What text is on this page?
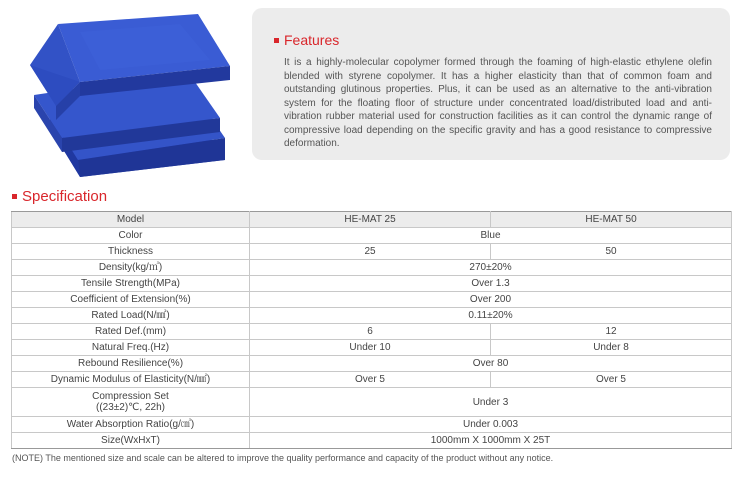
Features
It is a highly-molecular copolymer formed through the foaming of high-elastic ethylene olefin blended with styrene copolymer. It has a higher elasticity than that of common foam and outstanding glutinous properties. Plus, it can be used as an alternative to the anti-vibration system for the floating floor of structure under concentrated load/distributed load and anti-vibration rubber material used for construction facilities as it can control the dynamic range of compressive load depending on the specific gravity and has a good resistance to compressive deformation.
Specification
Model	HE-MAT 25	HE-MAT 50
Color	Blue	
Thickness	25	50
Density(kg/㎥)	270±20%	
Tensile Strength(MPa)	Over 1.3	
Coefficient of Extension(%)	Over 200	
Rated Load(N/㎟)	0.11±20%	
Rated Def.(mm)	6	12
Natural Freq.(Hz)	Under 10	Under 8
Rebound Resilience(%)	Over 80	
Dynamic Modulus of Elasticity(N/㎟)	Over 5	Over 5
Compression Set
((23±2)℃, 22h)	Under 3	
Water Absorption Ratio(g/㎤)	Under 0.003	
Size(WxHxT)	1000mm X 1000mm X 25T	
(NOTE) The mentioned size and scale can be altered to improve the quality performance and capacity of the product without any notice.
